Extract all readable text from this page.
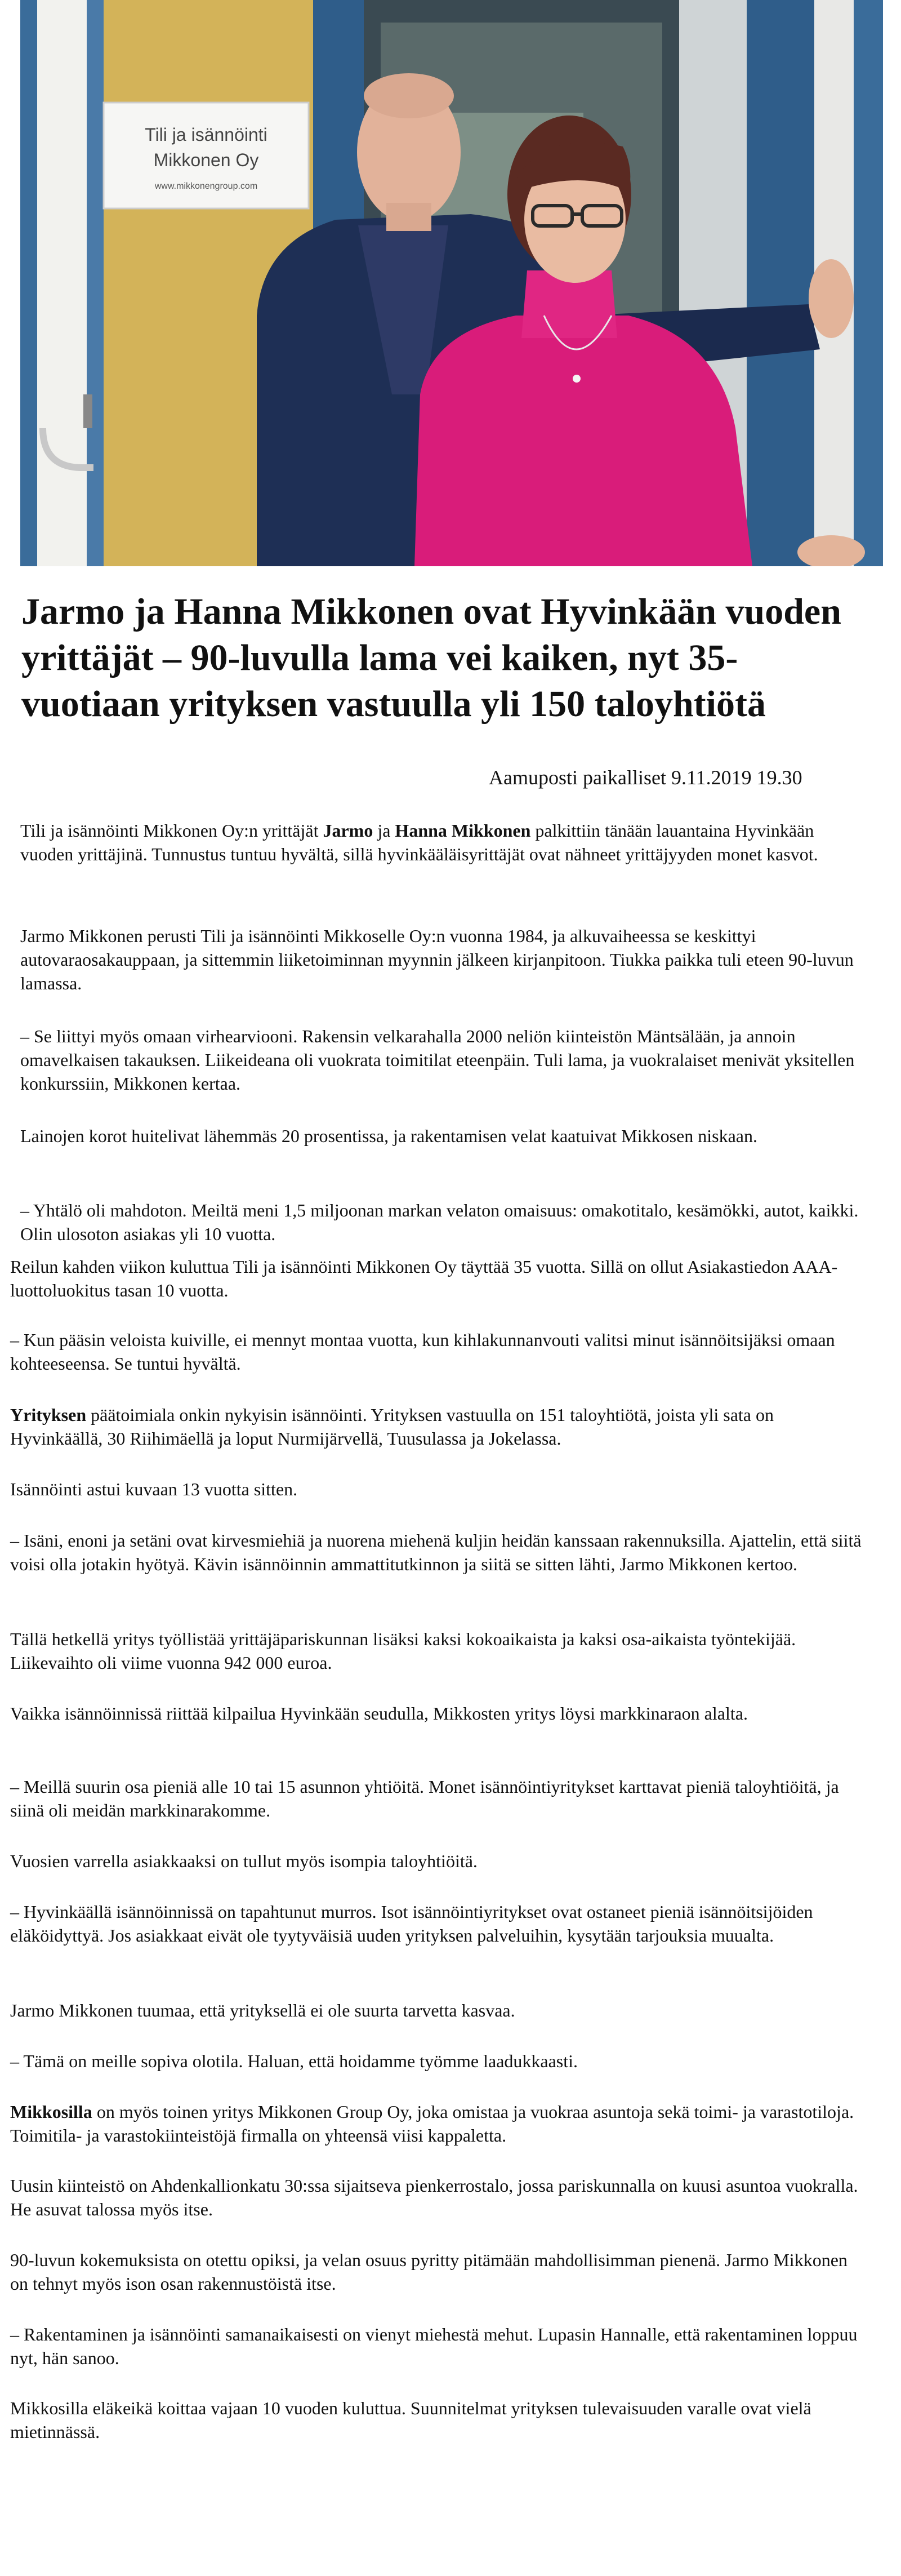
Tili ja isännöinti
Mikkonen Oy
www.mikkonengroup.com
Jarmo ja Hanna Mikkonen ovat Hyvinkään vuoden yrittäjät – 90-luvulla lama vei kaiken, nyt 35-vuotiaan yrityksen vastuulla yli 150 taloyhtiötä
Aamuposti paikalliset 9.11.2019 19.30

Tili ja isännöinti Mikkonen Oy:n yrittäjät Jarmo ja Hanna Mikkonen palkittiin tänään lauantaina Hyvinkään vuoden yrittäjinä. Tunnustus tuntuu hyvältä, sillä hyvinkääläisyrittäjät ovat nähneet yrittäjyyden monet kasvot.

Jarmo Mikkonen perusti Tili ja isännöinti Mikkoselle Oy:n vuonna 1984, ja alkuvaiheessa se keskittyi autovaraosakauppaan, ja sittemmin liiketoiminnan myynnin jälkeen kirjanpitoon. Tiukka paikka tuli eteen 90-luvun lamassa.

– Se liittyi myös omaan virhearviooni. Rakensin velkarahalla 2000 neliön kiinteistön Mäntsälään, ja annoin omavelkaisen takauksen. Liikeideana oli vuokrata toimitilat eteenpäin. Tuli lama, ja vuokralaiset menivät yksitellen konkurssiin, Mikkonen kertaa.

Lainojen korot huitelivat lähemmäs 20 prosentissa, ja rakentamisen velat kaatuivat Mikkosen niskaan.

– Yhtälö oli mahdoton. Meiltä meni 1,5 miljoonan markan velaton omaisuus: omakotitalo, kesämökki, autot, kaikki. Olin ulosoton asiakas yli 10 vuotta.

Reilun kahden viikon kuluttua Tili ja isännöinti Mikkonen Oy täyttää 35 vuotta. Sillä on ollut Asiakastiedon AAA-luottoluokitus tasan 10 vuotta.

– Kun pääsin veloista kuiville, ei mennyt montaa vuotta, kun kihlakunnanvouti valitsi minut isännöitsijäksi omaan kohteeseensa. Se tuntui hyvältä.

Yrityksen päätoimiala onkin nykyisin isännöinti. Yrityksen vastuulla on 151 taloyhtiötä, joista yli sata on Hyvinkäällä, 30 Riihimäellä ja loput Nurmijärvellä, Tuusulassa ja Jokelassa.

Isännöinti astui kuvaan 13 vuotta sitten.

– Isäni, enoni ja setäni ovat kirvesmiehiä ja nuorena miehenä kuljin heidän kanssaan rakennuksilla. Ajattelin, että siitä voisi olla jotakin hyötyä. Kävin isännöinnin ammattitutkinnon ja siitä se sitten lähti, Jarmo Mikkonen kertoo.

Tällä hetkellä yritys työllistää yrittäjäpariskunnan lisäksi kaksi kokoaikaista ja kaksi osa-aikaista työntekijää. Liikevaihto oli viime vuonna 942 000 euroa.

Vaikka isännöinnissä riittää kilpailua Hyvinkään seudulla, Mikkosten yritys löysi markkinaraon alalta.

– Meillä suurin osa pieniä alle 10 tai 15 asunnon yhtiöitä. Monet isännöintiyritykset karttavat pieniä taloyhtiöitä, ja siinä oli meidän markkinarakomme.

Vuosien varrella asiakkaaksi on tullut myös isompia taloyhtiöitä.

– Hyvinkäällä isännöinnissä on tapahtunut murros. Isot isännöintiyritykset ovat ostaneet pieniä isännöitsijöiden eläköidyttyä. Jos asiakkaat eivät ole tyytyväisiä uuden yrityksen palveluihin, kysytään tarjouksia muualta.

Jarmo Mikkonen tuumaa, että yrityksellä ei ole suurta tarvetta kasvaa.

– Tämä on meille sopiva olotila. Haluan, että hoidamme työmme laadukkaasti.

Mikkosilla on myös toinen yritys Mikkonen Group Oy, joka omistaa ja vuokraa asuntoja sekä toimi- ja varastotiloja. Toimitila- ja varastokiinteistöjä firmalla on yhteensä viisi kappaletta.

Uusin kiinteistö on Ahdenkallionkatu 30:ssa sijaitseva pienkerrostalo, jossa pariskunnalla on kuusi asuntoa vuokralla. He asuvat talossa myös itse.

90-luvun kokemuksista on otettu opiksi, ja velan osuus pyritty pitämään mahdollisimman pienenä. Jarmo Mikkonen on tehnyt myös ison osan rakennustöistä itse.

– Rakentaminen ja isännöinti samanaikaisesti on vienyt miehestä mehut. Lupasin Hannalle, että rakentaminen loppuu nyt, hän sanoo.

Mikkosilla eläkeikä koittaa vajaan 10 vuoden kuluttua. Suunnitelmat yrityksen tulevaisuuden varalle ovat vielä mietinnässä.
